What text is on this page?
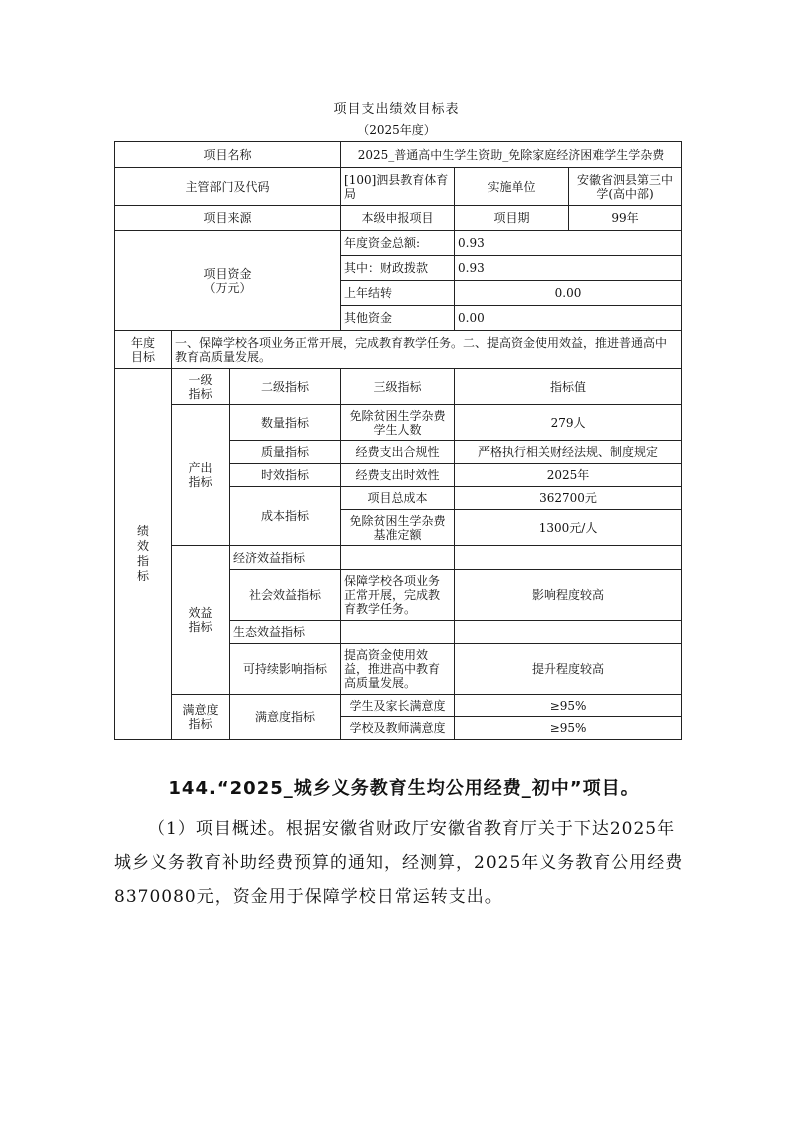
项目支出绩效目标表
（2025年度）
项目名称			2025_普通高中生学生资助_免除家庭经济困难学生学杂费		
主管部门及代码			[100]泗县教育体育局	实施单位	安徽省泗县第三中学(高中部)
项目来源			本级申报项目	项目期	99年
项目资金（万元）			年度资金总额:	0.93	
			其中：财政拨款	0.93	
			上年结转	0.00	
			其他资金	0.00	
年度目标	一、保障学校各项业务正常开展，完成教育教学任务。二、提高资金使用效益，推进普通高中教育高质量发展。				
绩效指标	一级指标	二级指标	三级指标	指标值	
	产出指标	数量指标	免除贫困生学杂费学生人数	279人	
		质量指标	经费支出合规性	严格执行相关财经法规、制度规定	
		时效指标	经费支出时效性	2025年	
		成本指标	项目总成本	362700元	
			免除贫困生学杂费基准定额	1300元/人	
	效益指标	经济效益指标			
		社会效益指标	保障学校各项业务正常开展，完成教育教学任务。	影响程度较高	
		生态效益指标			
		可持续影响指标	提高资金使用效益，推进高中教育高质量发展。	提升程度较高	
	满意度指标	满意度指标	学生及家长满意度	≥95%	
			学校及教师满意度	≥95%	
144.“2025_城乡义务教育生均公用经费_初中”项目。
（1）项目概述。根据安徽省财政厅安徽省教育厅关于下达2025年城乡义务教育补助经费预算的通知，经测算，2025年义务教育公用经费8370080元，资金用于保障学校日常运转支出。
